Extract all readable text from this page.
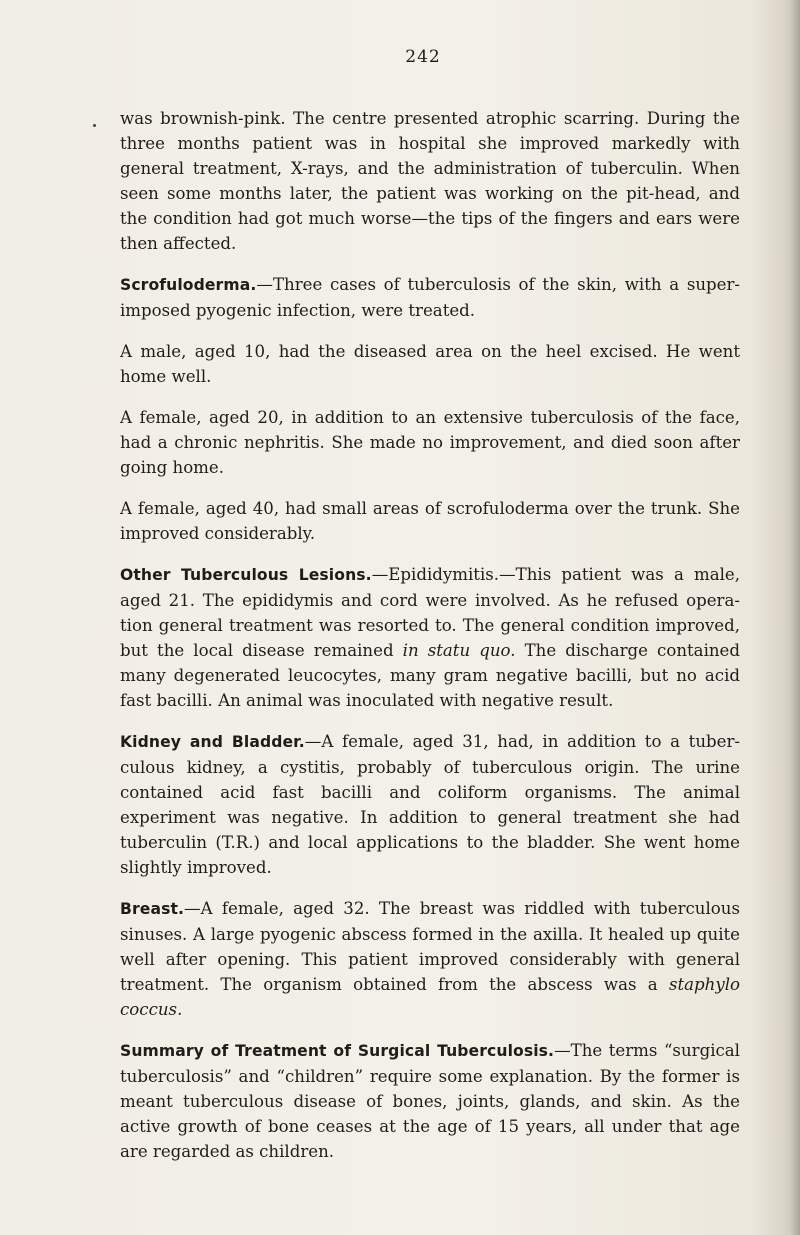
242

was brownish-pink. The centre presented atrophic scarring. During the three months patient was in hospital she improved markedly with general treatment, X-rays, and the administration of tuberculin. When seen some months later, the patient was working on the pit-head, and the condition had got much worse—the tips of the fingers and ears were then affected.

Scrofuloderma.—Three cases of tuberculosis of the skin, with a super-imposed pyogenic infection, were treated.

A male, aged 10, had the diseased area on the heel excised. He went home well.

A female, aged 20, in addition to an extensive tuberculosis of the face, had a chronic nephritis. She made no improvement, and died soon after going home.

A female, aged 40, had small areas of scrofuloderma over the trunk. She improved considerably.

Other Tuberculous Lesions.—Epididymitis.—This patient was a male, aged 21. The epididymis and cord were involved. As he refused opera-tion general treatment was resorted to. The general condition improved, but the local disease remained in statu quo. The discharge contained many degenerated leucocytes, many gram negative bacilli, but no acid fast bacilli. An animal was inoculated with negative result.

Kidney and Bladder.—A female, aged 31, had, in addition to a tuber-culous kidney, a cystitis, probably of tuberculous origin. The urine contained acid fast bacilli and coliform organisms. The animal experiment was negative. In addition to general treatment she had tuberculin (T.R.) and local applications to the bladder. She went home slightly improved.

Breast.—A female, aged 32. The breast was riddled with tuberculous sinuses. A large pyogenic abscess formed in the axilla. It healed up quite well after opening. This patient improved considerably with general treatment. The organism obtained from the abscess was a staphylo coccus.

Summary of Treatment of Surgical Tuberculosis.—The terms “surgical tuberculosis” and “children” require some explanation. By the former is meant tuberculous disease of bones, joints, glands, and skin. As the active growth of bone ceases at the age of 15 years, all under that age are regarded as children.
